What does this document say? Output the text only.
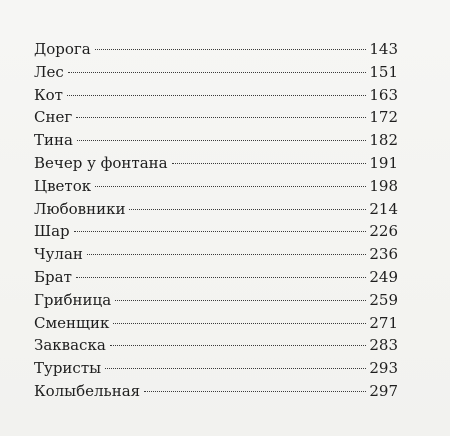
Дорога	143
Лес	151
Кот	163
Снег	172
Тина	182
Вечер у фонтана	191
Цветок	198
Любовники	214
Шар	226
Чулан	236
Брат	249
Грибница	259
Сменщик	271
Закваска	283
Туристы	293
Колыбельная	297
